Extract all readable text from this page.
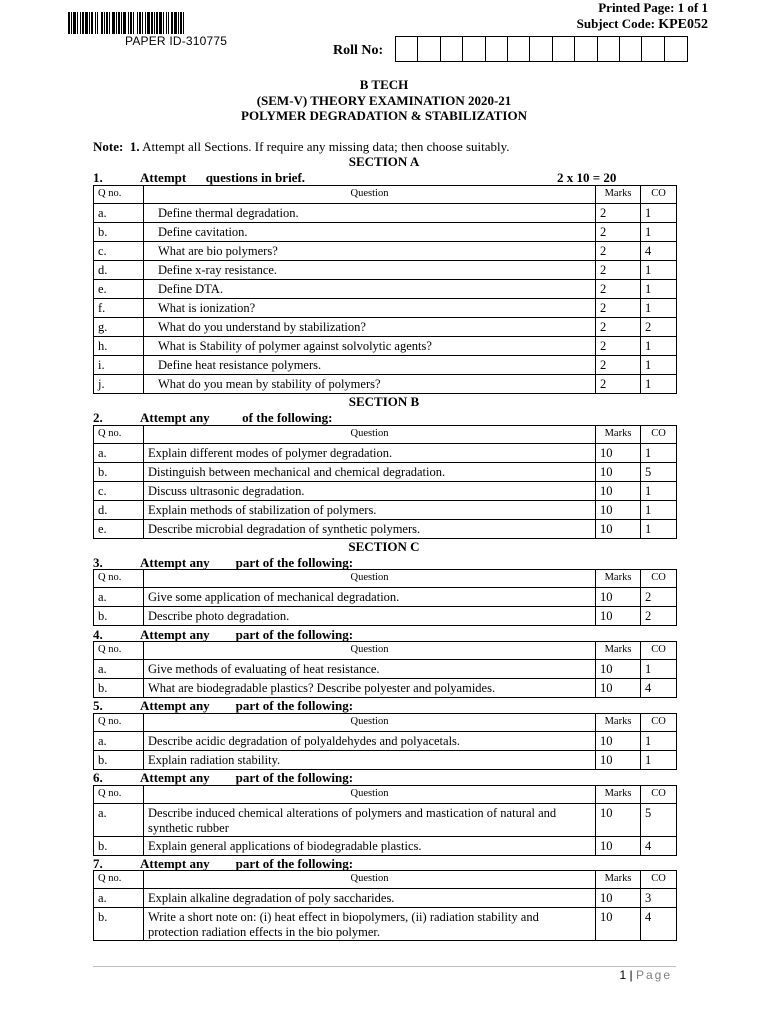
PAPER ID-310775
Printed Page: 1 of 1
Subject Code: KPE052
Roll No:
B TECH
(SEM-V) THEORY EXAMINATION 2020-21
POLYMER DEGRADATION & STABILIZATION
Note: 1. Attempt all Sections. If require any missing data; then choose suitably.
SECTION A
1.	Attempt      questions in brief.	2 x 10 = 20
Q no.	Question	Marks	CO
a.	Define thermal degradation.	2	1
b.	Define cavitation.	2	1
c.	What are bio polymers?	2	4
d.	Define x-ray resistance.	2	1
e.	Define DTA.	2	1
f.	What is ionization?	2	1
g.	What do you understand by stabilization?	2	2
h.	What is Stability of polymer against solvolytic agents?	2	1
i.	Define heat resistance polymers.	2	1
j.	What do you mean by stability of polymers?	2	1
SECTION B
2.	Attempt any          of the following:
Q no.	Question	Marks	CO
a.	Explain different modes of polymer degradation.	10	1
b.	Distinguish between mechanical and chemical degradation.	10	5
c.	Discuss ultrasonic degradation.	10	1
d.	Explain methods of stabilization of polymers.	10	1
e.	Describe microbial degradation of synthetic polymers.	10	1
SECTION C
3.	Attempt any        part of the following:
Q no.	Question	Marks	CO
a.	Give some application of mechanical degradation.	10	2
b.	Describe photo degradation.	10	2
4.	Attempt any        part of the following:
Q no.	Question	Marks	CO
a.	Give methods of evaluating of heat resistance.	10	1
b.	What are biodegradable plastics? Describe polyester and polyamides.	10	4
5.	Attempt any        part of the following:
Q no.	Question	Marks	CO
a.	Describe acidic degradation of polyaldehydes and polyacetals.	10	1
b.	Explain radiation stability.	10	1
6.	Attempt any        part of the following:
Q no.	Question	Marks	CO
a.	Describe induced chemical alterations of polymers and mastication of natural and synthetic rubber	10	5
b.	Explain general applications of biodegradable plastics.	10	4
7.	Attempt any        part of the following:
Q no.	Question	Marks	CO
a.	Explain alkaline degradation of poly saccharides.	10	3
b.	Write a short note on: (i) heat effect in biopolymers, (ii) radiation stability and protection radiation effects in the bio polymer.	10	4
1 | Page
